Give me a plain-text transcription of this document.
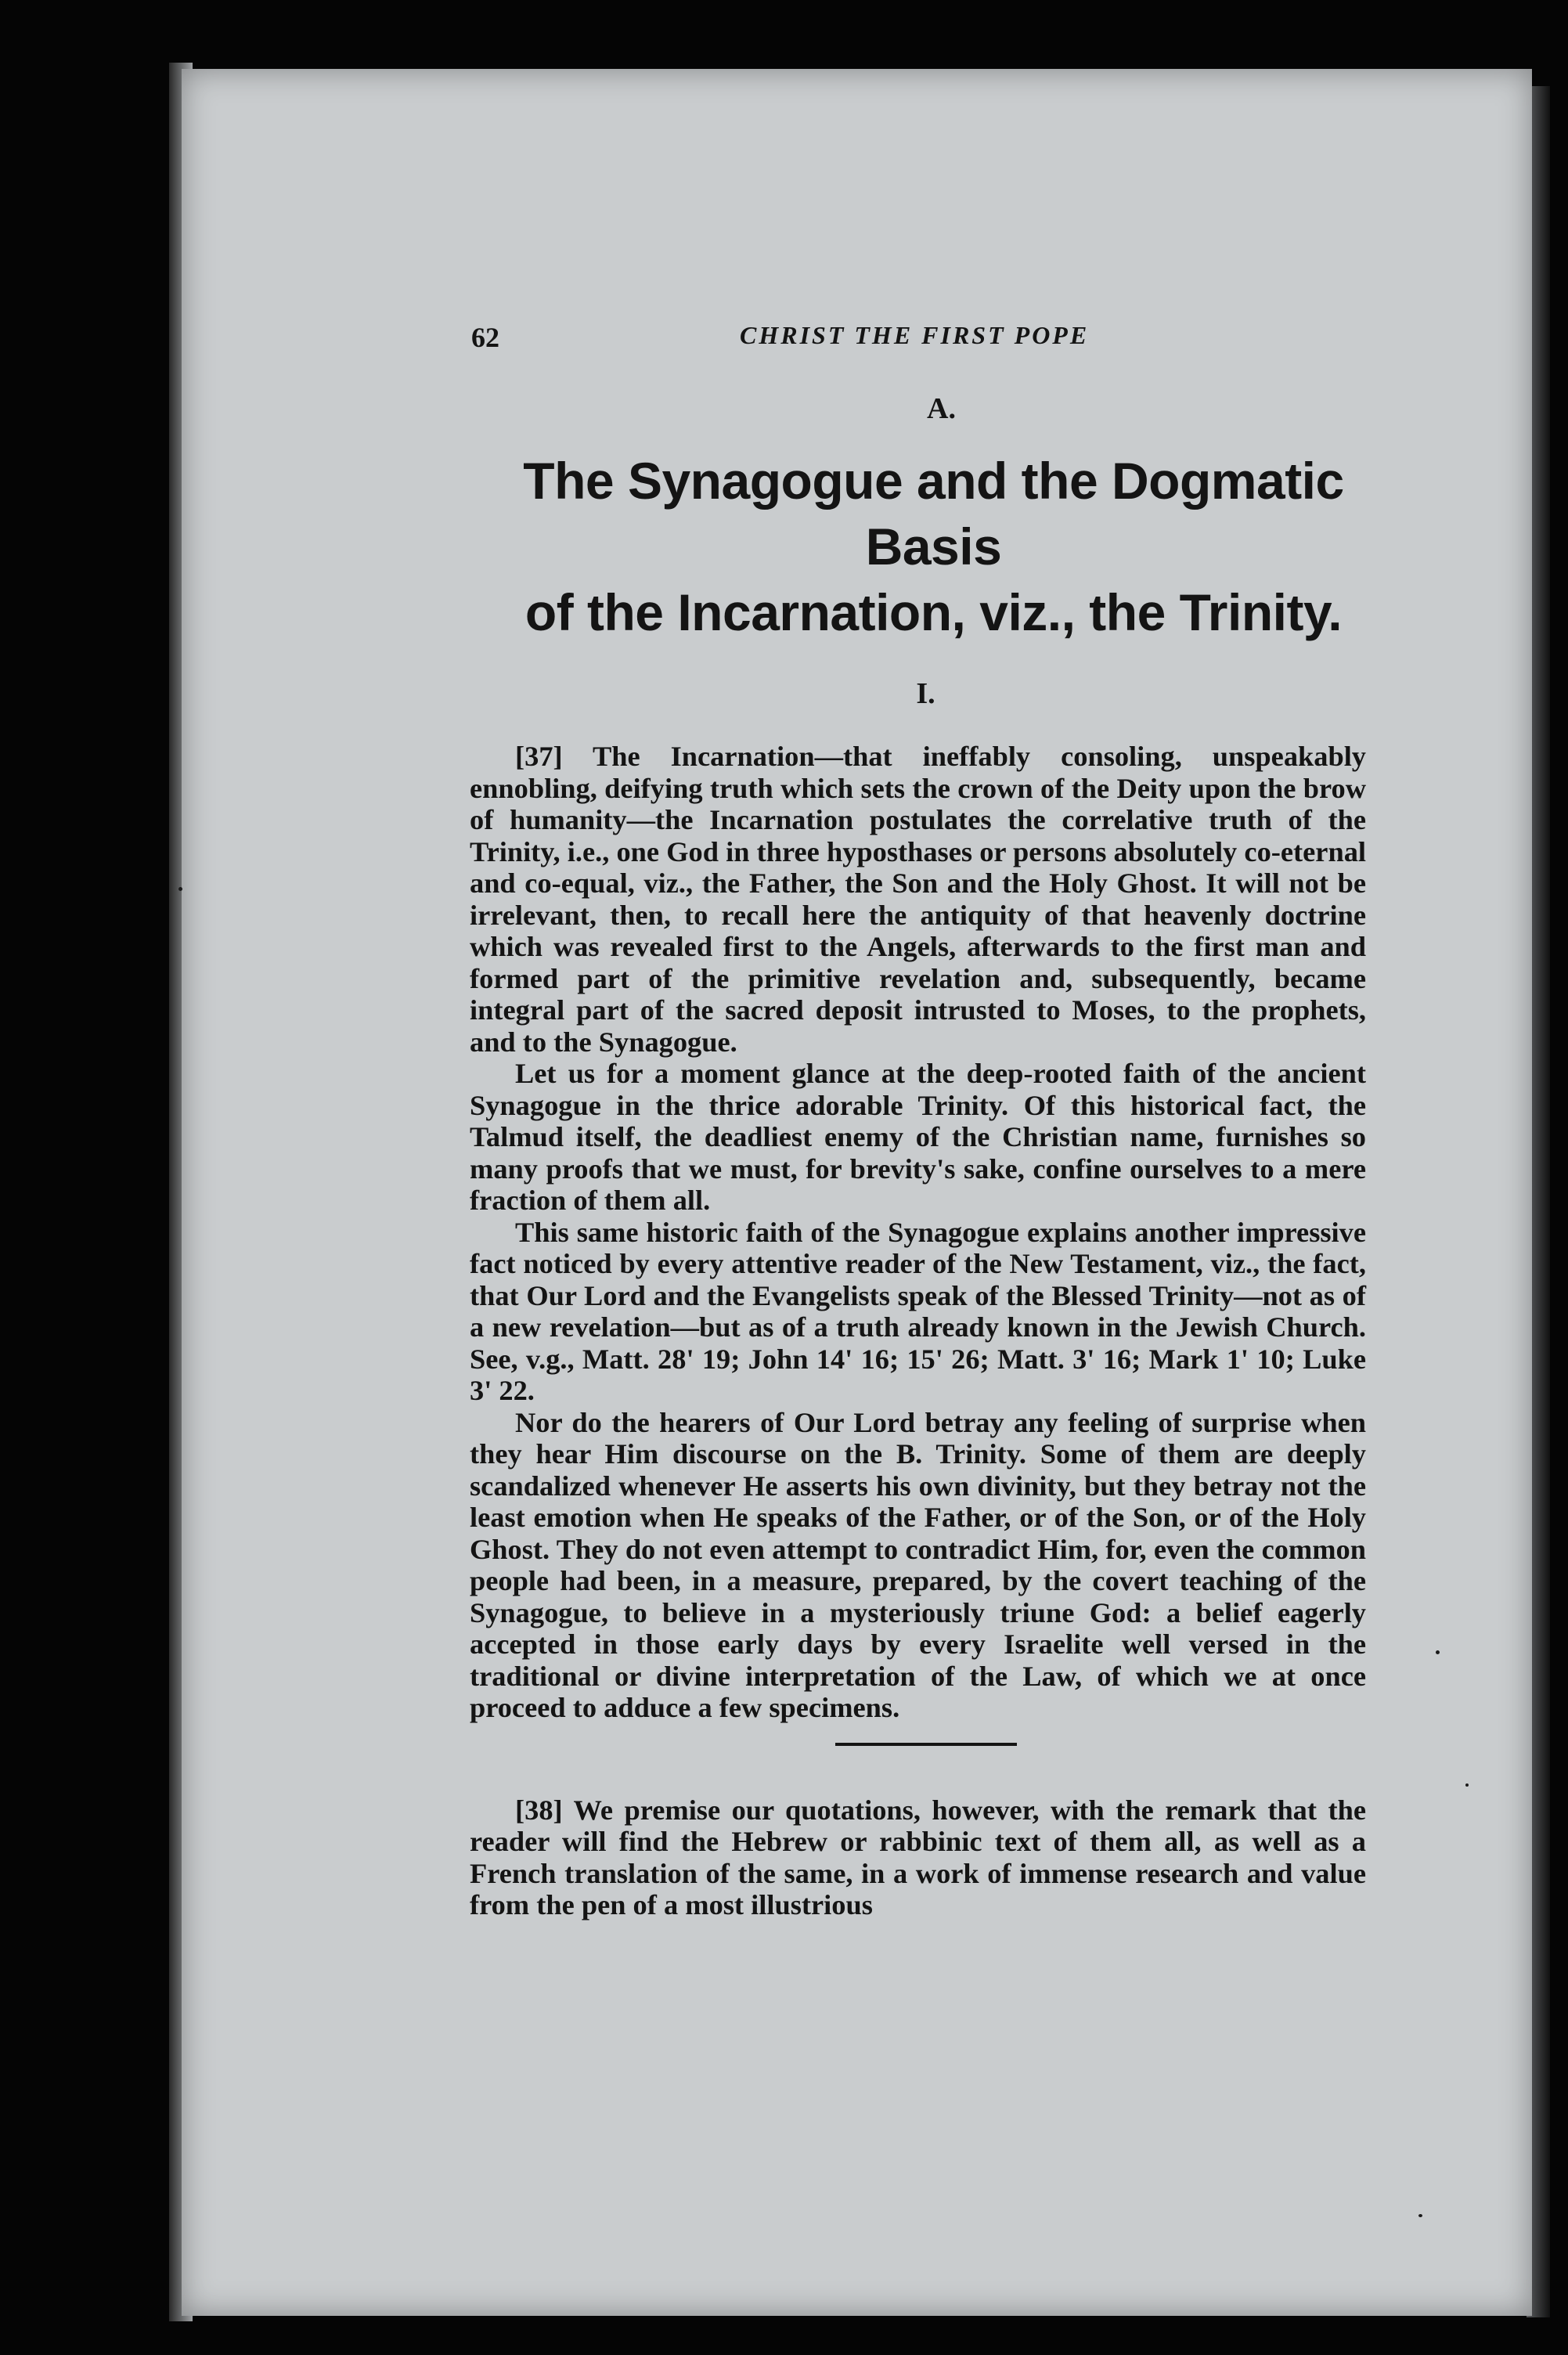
62	CHRIST THE FIRST POPE
A.
The Synagogue and the Dogmatic Basis
of the Incarnation, viz., the Trinity.
I.

[37] The Incarnation—that ineffably consoling, unspeakably ennobling, deifying truth which sets the crown of the Deity upon the brow of humanity—the Incarnation postulates the correlative truth of the Trinity, i.e., one God in three hyposthases or persons absolutely co-eternal and co-equal, viz., the Father, the Son and the Holy Ghost. It will not be irrelevant, then, to recall here the antiquity of that heavenly doctrine which was revealed first to the Angels, afterwards to the first man and formed part of the primitive revelation and, subsequently, became integral part of the sacred deposit intrusted to Moses, to the prophets, and to the Synagogue.

Let us for a moment glance at the deep-rooted faith of the ancient Synagogue in the thrice adorable Trinity. Of this historical fact, the Talmud itself, the deadliest enemy of the Christian name, furnishes so many proofs that we must, for brevity's sake, confine ourselves to a mere fraction of them all.

This same historic faith of the Synagogue explains another impressive fact noticed by every attentive reader of the New Testament, viz., the fact, that Our Lord and the Evangelists speak of the Blessed Trinity—not as of a new revelation—but as of a truth already known in the Jewish Church. See, v.g., Matt. 28' 19; John 14' 16; 15' 26; Matt. 3' 16; Mark 1' 10; Luke 3' 22.

Nor do the hearers of Our Lord betray any feeling of surprise when they hear Him discourse on the B. Trinity. Some of them are deeply scandalized whenever He asserts his own divinity, but they betray not the least emotion when He speaks of the Father, or of the Son, or of the Holy Ghost. They do not even attempt to contradict Him, for, even the common people had been, in a measure, prepared, by the covert teaching of the Synagogue, to believe in a mysteriously triune God: a belief eagerly accepted in those early days by every Israelite well versed in the traditional or divine interpretation of the Law, of which we at once proceed to adduce a few specimens.

[38] We premise our quotations, however, with the remark that the reader will find the Hebrew or rabbinic text of them all, as well as a French translation of the same, in a work of immense research and value from the pen of a most illustrious
